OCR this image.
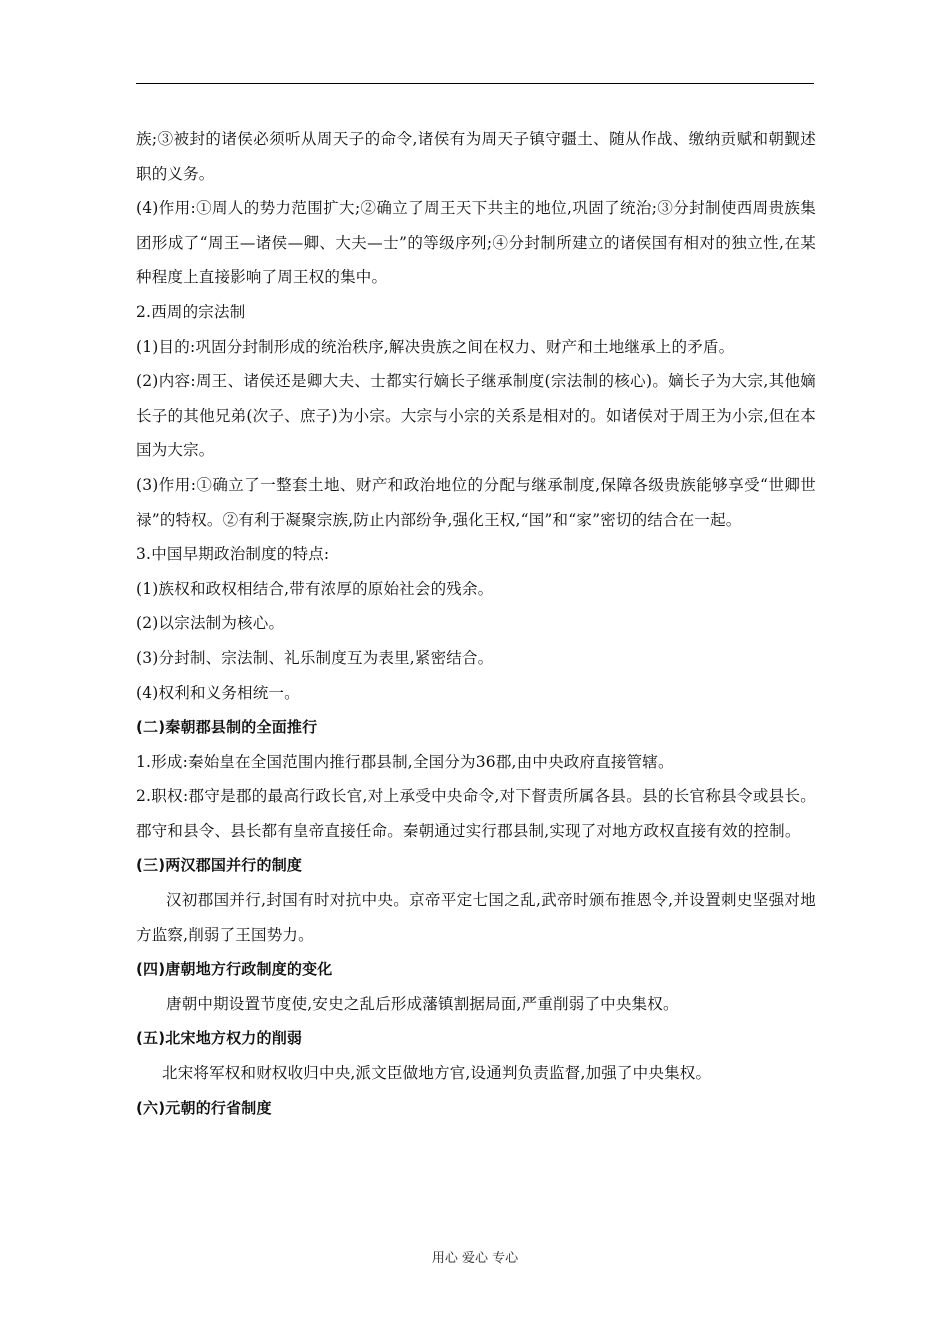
族;③被封的诸侯必须听从周天子的命令,诸侯有为周天子镇守疆土、随从作战、缴纳贡赋和朝觐述职的义务。

(4)作用:①周人的势力范围扩大;②确立了周王天下共主的地位,巩固了统治;③分封制使西周贵族集团形成了“周王—诸侯—卿、大夫—士”的等级序列;④分封制所建立的诸侯国有相对的独立性,在某种程度上直接影响了周王权的集中。

2.西周的宗法制

(1)目的:巩固分封制形成的统治秩序,解决贵族之间在权力、财产和土地继承上的矛盾。

(2)内容:周王、诸侯还是卿大夫、士都实行嫡长子继承制度(宗法制的核心)。嫡长子为大宗,其他嫡长子的其他兄弟(次子、庶子)为小宗。大宗与小宗的关系是相对的。如诸侯对于周王为小宗,但在本国为大宗。

(3)作用:①确立了一整套土地、财产和政治地位的分配与继承制度,保障各级贵族能够享受“世卿世禄”的特权。②有利于凝聚宗族,防止内部纷争,强化王权,“国”和“家”密切的结合在一起。

3.中国早期政治制度的特点:

(1)族权和政权相结合,带有浓厚的原始社会的残余。

(2)以宗法制为核心。

(3)分封制、宗法制、礼乐制度互为表里,紧密结合。

(4)权利和义务相统一。

(二)秦朝郡县制的全面推行

1.形成:秦始皇在全国范围内推行郡县制,全国分为36郡,由中央政府直接管辖。

2.职权:郡守是郡的最高行政长官,对上承受中央命令,对下督责所属各县。县的长官称县令或县长。郡守和县令、县长都有皇帝直接任命。秦朝通过实行郡县制,实现了对地方政权直接有效的控制。

(三)两汉郡国并行的制度

汉初郡国并行,封国有时对抗中央。京帝平定七国之乱,武帝时颁布推恩令,并设置刺史坚强对地方监察,削弱了王国势力。

(四)唐朝地方行政制度的变化

唐朝中期设置节度使,安史之乱后形成藩镇割据局面,严重削弱了中央集权。

(五)北宋地方权力的削弱

北宋将军权和财权收归中央,派文臣做地方官,设通判负责监督,加强了中央集权。

(六)元朝的行省制度

用心 爱心 专心
